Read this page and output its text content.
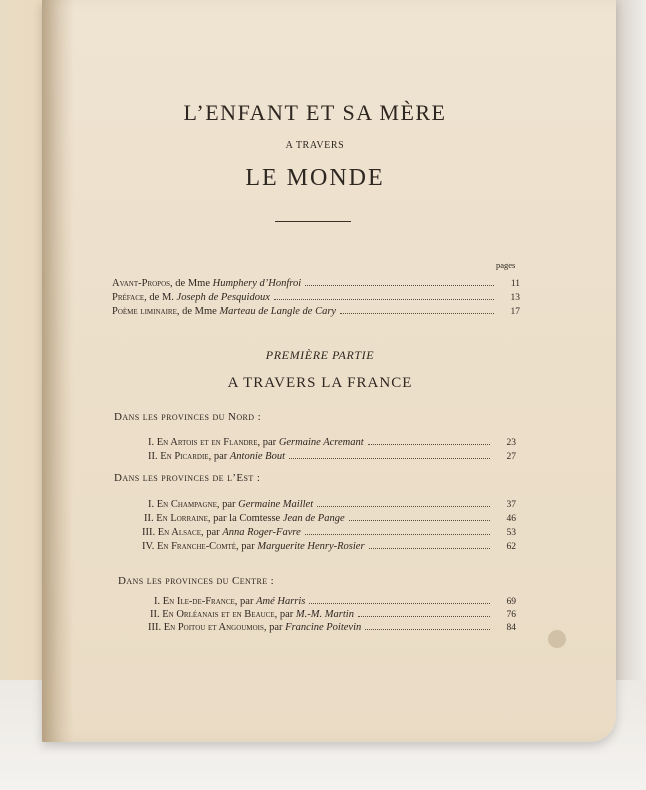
L’ENFANT ET SA MÈRE
A TRAVERS
LE MONDE
pages
Avant-Propos, de Mme Humphery d’Honfroi	11
Préface, de M. Joseph de Pesquidoux	13
Poème liminaire, de Mme Marteau de Langle de Cary	17
PREMIÈRE PARTIE
A TRAVERS LA FRANCE
Dans les provinces du Nord :
I. En Artois et en Flandre, par Germaine Acremant	23
II. En Picardie, par Antonie Bout	27
Dans les provinces de l’Est :
I. En Champagne, par Germaine Maillet	37
II. En Lorraine, par la Comtesse Jean de Pange	46
III. En Alsace, par Anna Roger-Favre	53
IV. En Franche-Comté, par Marguerite Henry-Rosier	62
Dans les provinces du Centre :
I. En Ile-de-France, par Amé Harris	69
II. En Orléanais et en Beauce, par M.-M. Martin	76
III. En Poitou et Angoumois, par Francine Poitevin	84
